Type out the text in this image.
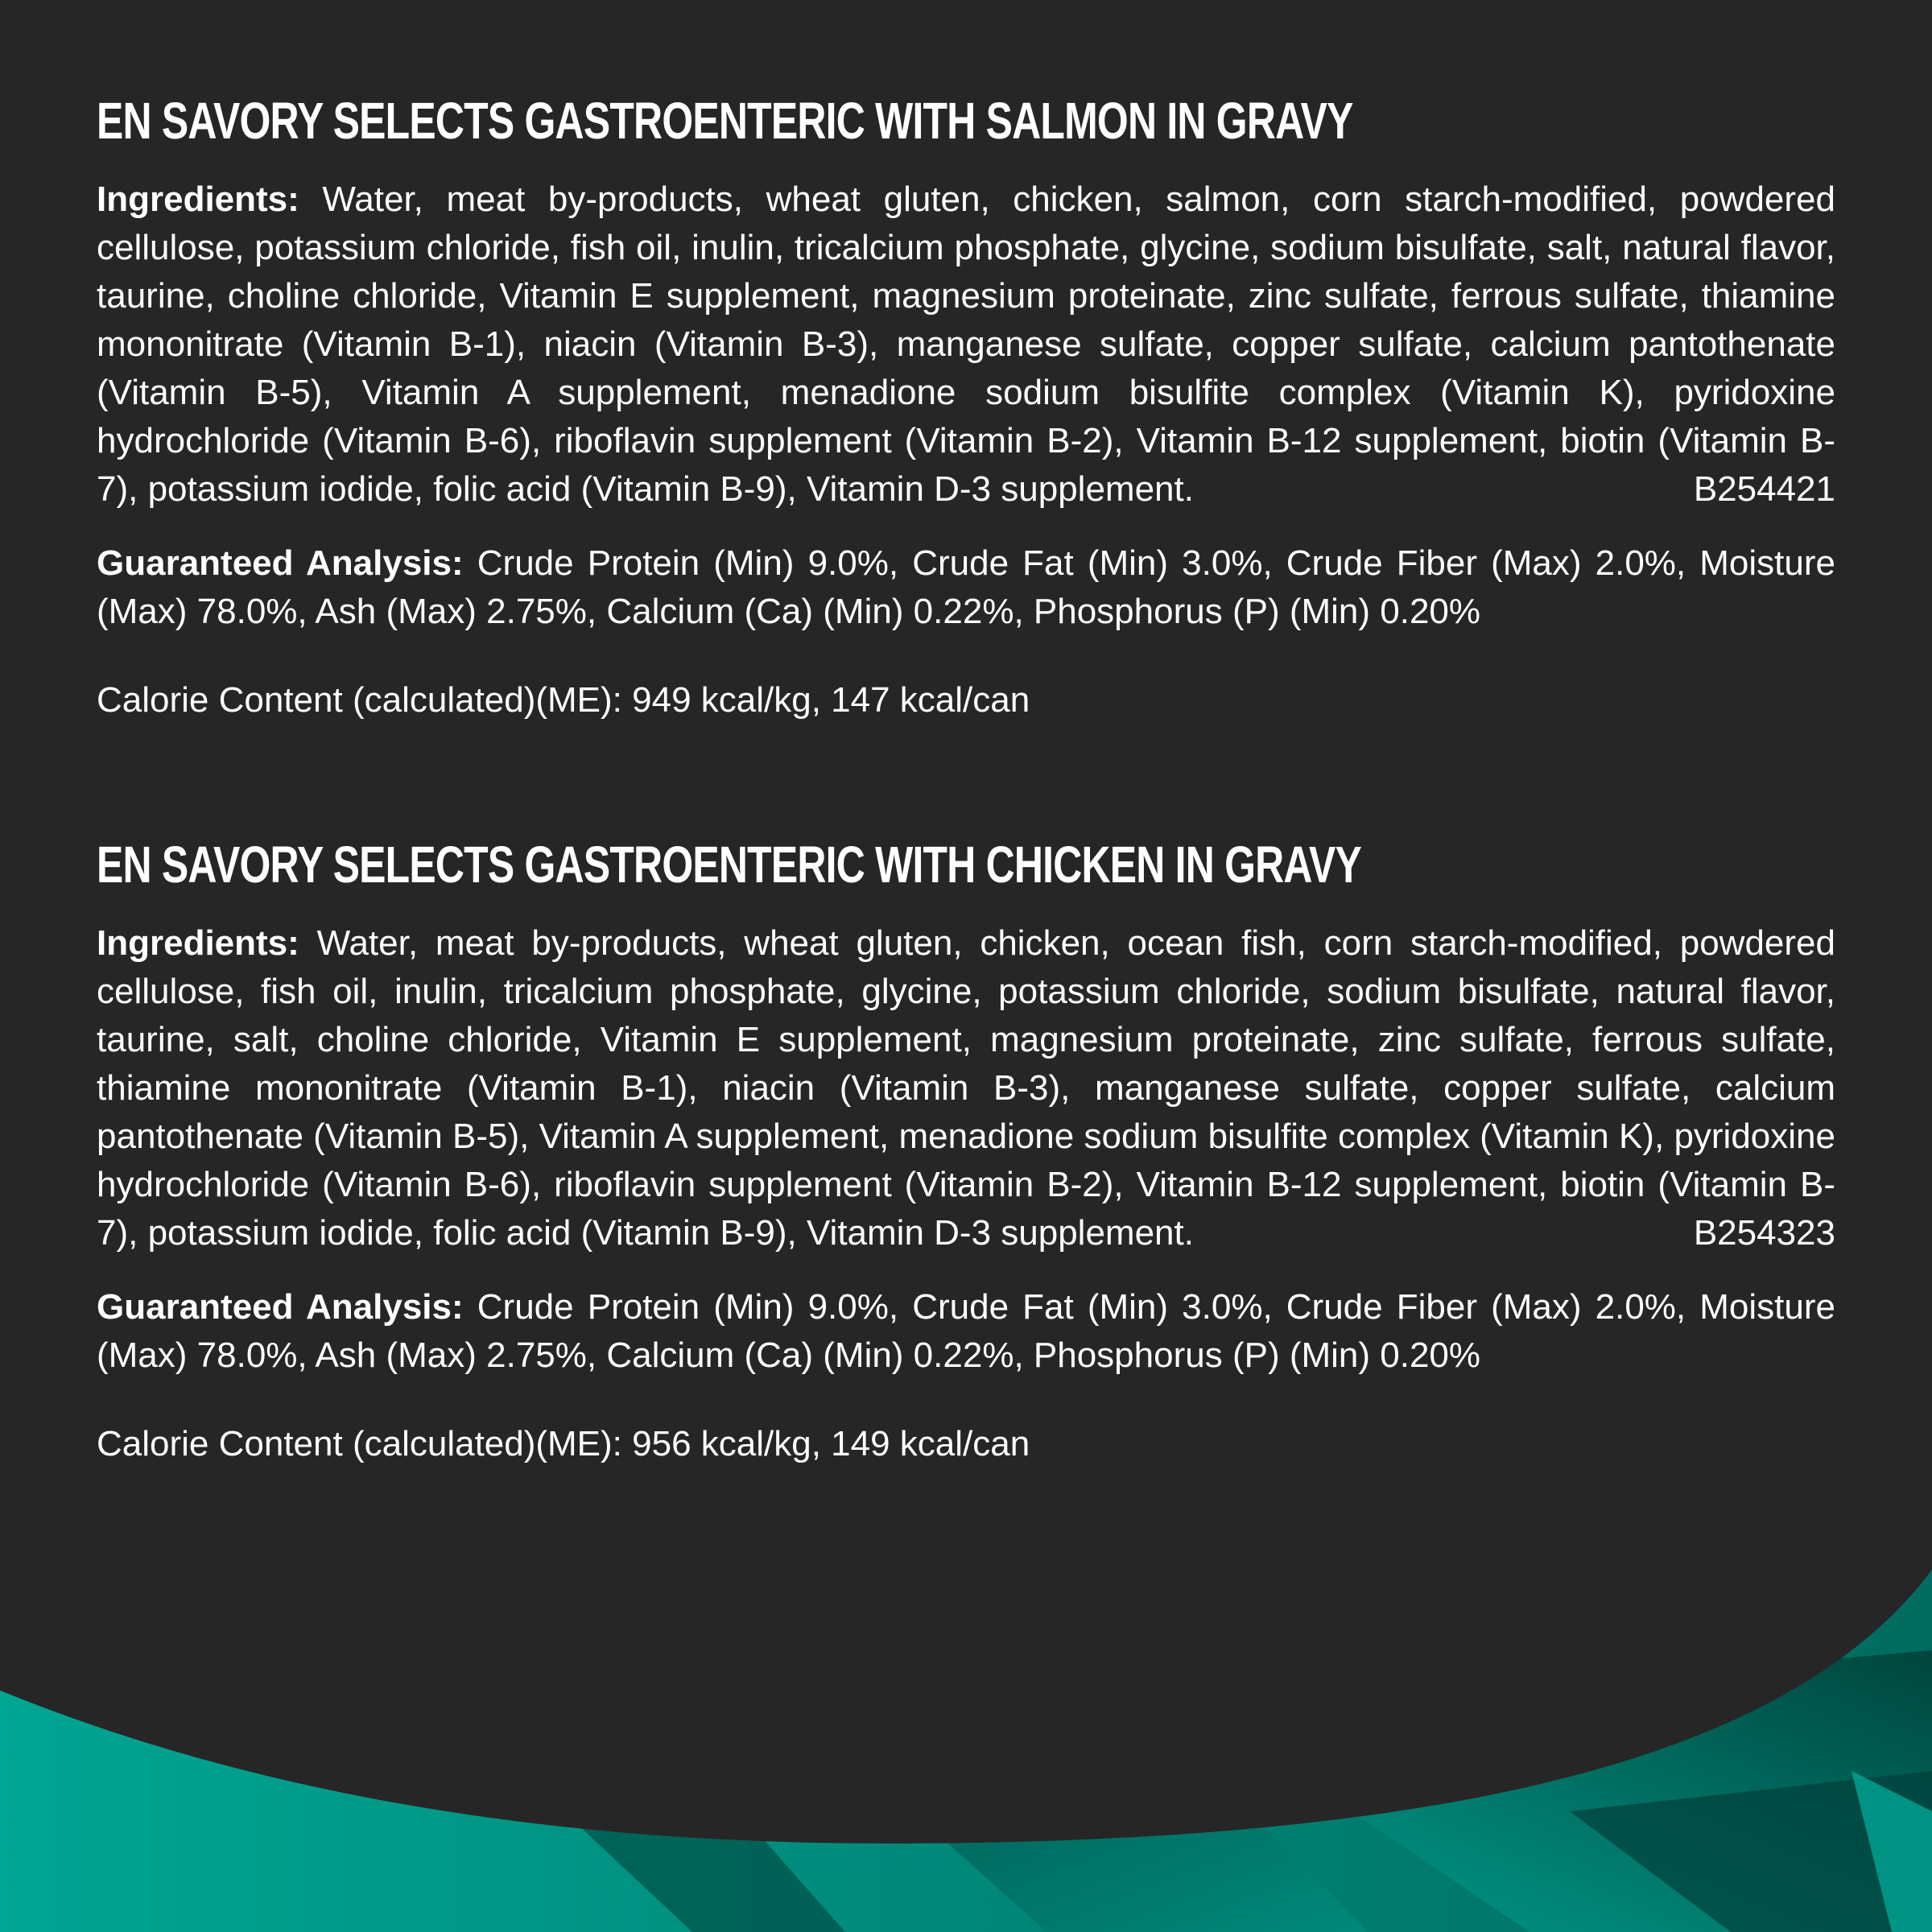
EN SAVORY SELECTS GASTROENTERIC WITH SALMON IN GRAVY

Ingredients: Water, meat by-products, wheat gluten, chicken, salmon, corn starch-modified, powdered cellulose, potassium chloride, fish oil, inulin, tricalcium phosphate, glycine, sodium bisulfate, salt, natural flavor, taurine, choline chloride, Vitamin E supplement, magnesium proteinate, zinc sulfate, ferrous sulfate, thiamine mononitrate (Vitamin B-1), niacin (Vitamin B-3), manganese sulfate, copper sulfate, calcium pantothenate (Vitamin B-5), Vitamin A supplement, menadione sodium bisulfite complex (Vitamin K), pyridoxine hydrochloride (Vitamin B-6), riboflavin supplement (Vitamin B-2), Vitamin B-12 supplement, biotin (Vitamin B-7), potassium iodide, folic acid (Vitamin B-9), Vitamin D-3 supplement.	B254421

Guaranteed Analysis: Crude Protein (Min) 9.0%, Crude Fat (Min) 3.0%, Crude Fiber (Max) 2.0%, Moisture (Max) 78.0%, Ash (Max) 2.75%, Calcium (Ca) (Min) 0.22%, Phosphorus (P) (Min) 0.20%

Calorie Content (calculated)(ME): 949 kcal/kg, 147 kcal/can

EN SAVORY SELECTS GASTROENTERIC WITH CHICKEN IN GRAVY

Ingredients: Water, meat by-products, wheat gluten, chicken, ocean fish, corn starch-modified, powdered cellulose, fish oil, inulin, tricalcium phosphate, glycine, potassium chloride, sodium bisulfate, natural flavor, taurine, salt, choline chloride, Vitamin E supplement, magnesium proteinate, zinc sulfate, ferrous sulfate, thiamine mononitrate (Vitamin B-1), niacin (Vitamin B-3), manganese sulfate, copper sulfate, calcium pantothenate (Vitamin B-5), Vitamin A supplement, menadione sodium bisulfite complex (Vitamin K), pyridoxine hydrochloride (Vitamin B-6), riboflavin supplement (Vitamin B-2), Vitamin B-12 supplement, biotin (Vitamin B-7), potassium iodide, folic acid (Vitamin B-9), Vitamin D-3 supplement.	B254323

Guaranteed Analysis: Crude Protein (Min) 9.0%, Crude Fat (Min) 3.0%, Crude Fiber (Max) 2.0%, Moisture (Max) 78.0%, Ash (Max) 2.75%, Calcium (Ca) (Min) 0.22%, Phosphorus (P) (Min) 0.20%

Calorie Content (calculated)(ME): 956 kcal/kg, 149 kcal/can
